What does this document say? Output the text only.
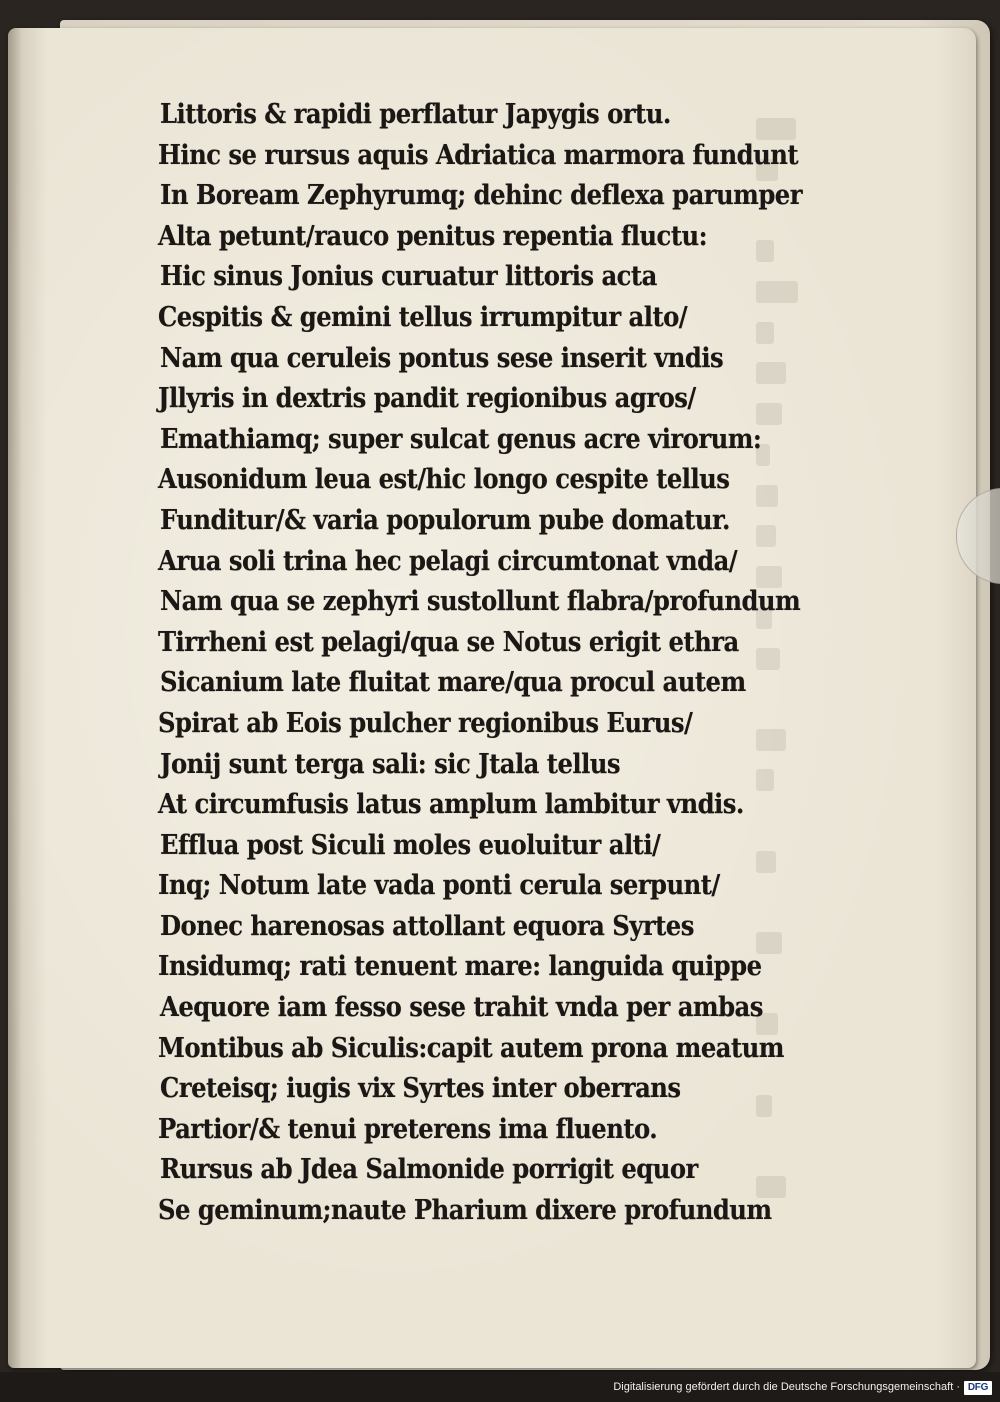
Littoris & rapidi perflatur Japygis ortu.
Hinc se rursus aquis Adriatica marmora fundunt
In Boream Zephyrumq; dehinc deflexa parumper
Alta petunt/rauco penitus repentia fluctu:
Hic sinus Jonius curuatur littoris acta
Cespitis & gemini tellus irrumpitur alto/
Nam qua ceruleis pontus sese inserit vndis
Jllyris in dextris pandit regionibus agros/
Emathiamq; super sulcat genus acre virorum:
Ausonidum leua est/hic longo cespite tellus
Funditur/& varia populorum pube domatur.
Arua soli trina hec pelagi circumtonat vnda/
Nam qua se zephyri sustollunt flabra/profundum
Tirrheni est pelagi/qua se Notus erigit ethra
Sicanium late fluitat mare/qua procul autem
Spirat ab Eois pulcher regionibus Eurus/
Jonij sunt terga sali: sic Jtala tellus
At circumfusis latus amplum lambitur vndis.
Efflua post Siculi moles euoluitur alti/
Inq; Notum late vada ponti cerula serpunt/
Donec harenosas attollant equora Syrtes
Insidumq; rati tenuent mare: languida quippe
Aequore iam fesso sese trahit vnda per ambas
Montibus ab Siculis:capit autem prona meatum
Creteisq; iugis vix Syrtes inter oberrans
Partior/& tenui preterens ima fluento.
Rursus ab Jdea Salmonide porrigit equor
Se geminum;naute Pharium dixere profundum
Digitalisierung gefördert durch die Deutsche Forschungsgemeinschaft · DFG
